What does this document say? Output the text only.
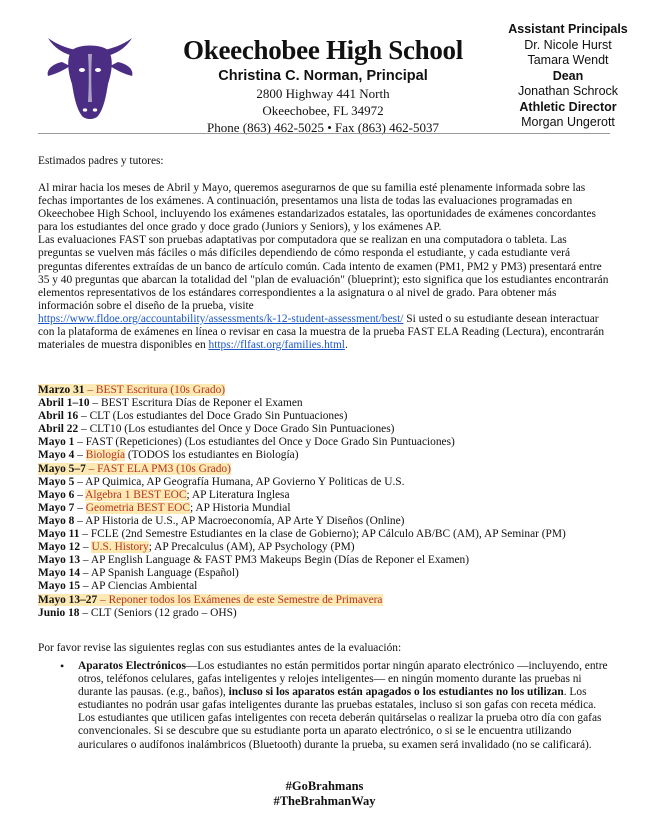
Okeechobee High School
Christina C. Norman, Principal
2800 Highway 441 North
Okeechobee, FL 34972
Phone (863) 462-5025 • Fax (863) 462-5037
Assistant Principals
Dr. Nicole Hurst
Tamara Wendt
Dean
Jonathan Schrock
Athletic Director
Morgan Ungerott

Estimados padres y tutores:

Al mirar hacia los meses de Abril y Mayo, queremos asegurarnos de que su familia esté plenamente informada sobre las fechas importantes de los exámenes. A continuación, presentamos una lista de todas las evaluaciones programadas en Okeechobee High School, incluyendo los exámenes estandarizados estatales, las oportunidades de exámenes concordantes para los estudiantes del once grado y doce grado (Juniors y Seniors), y los exámenes AP.
Las evaluaciones FAST son pruebas adaptativas por computadora que se realizan en una computadora o tableta. Las preguntas se vuelven más fáciles o más difíciles dependiendo de cómo responda el estudiante, y cada estudiante verá preguntas diferentes extraídas de un banco de artículo común. Cada intento de examen (PM1, PM2 y PM3) presentará entre 35 y 40 preguntas que abarcan la totalidad del "plan de evaluación" (blueprint); esto significa que los estudiantes encontrarán elementos representativos de los estándares correspondientes a la asignatura o al nivel de grado. Para obtener más información sobre el diseño de la prueba, visite
https://www.fldoe.org/accountability/assessments/k-12-student-assessment/best/ Si usted o su estudiante desean interactuar con la plataforma de exámenes en línea o revisar en casa la muestra de la prueba FAST ELA Reading (Lectura), encontrarán materiales de muestra disponibles en https://flfast.org/families.html.

Marzo 31 – BEST Escritura (10s Grado)
Abril 1–10 – BEST Escritura Días de Reponer el Examen
Abril 16 – CLT (Los estudiantes del Doce Grado Sin Puntuaciones)
Abril 22 – CLT10 (Los estudiantes del Once y Doce Grado Sin Puntuaciones)
Mayo 1 – FAST (Repeticiones) (Los estudiantes del Once y Doce Grado Sin Puntuaciones)
Mayo 4 – Biología (TODOS los estudiantes en Biología)
Mayo 5–7 – FAST ELA PM3 (10s Grado)
Mayo 5 – AP Quimica, AP Geografía Humana, AP Govierno Y Politicas de U.S.
Mayo 6 – Algebra 1 BEST EOC; AP Literatura Inglesa
Mayo 7 – Geometria BEST EOC; AP Historia Mundial
Mayo 8 – AP Historia de U.S., AP Macroeconomía, AP Arte Y Diseños (Online)
Mayo 11 – FCLE (2nd Semestre Estudiantes en la clase de Gobierno); AP Cálculo AB/BC (AM), AP Seminar (PM)
Mayo 12 – U.S. History; AP Precalculus (AM), AP Psychology (PM)
Mayo 13 – AP English Language & FAST PM3 Makeups Begin (Días de Reponer el Examen)
Mayo 14 – AP Spanish Language (Español)
Mayo 15 – AP Ciencias Ambiental
Mayo 13–27 – Reponer todos los Exámenes de este Semestre de Primavera
Junio 18 – CLT (Seniors (12 grado – OHS)

Por favor revise las siguientes reglas con sus estudiantes antes de la evaluación:

• Aparatos Electrónicos—Los estudiantes no están permitidos portar ningún aparato electrónico —incluyendo, entre otros, teléfonos celulares, gafas inteligentes y relojes inteligentes— en ningún momento durante las pruebas ni durante las pausas. (e.g., baños), incluso si los aparatos están apagados o los estudiantes no los utilizan. Los estudiantes no podrán usar gafas inteligentes durante las pruebas estatales, incluso si son gafas con receta médica. Los estudiantes que utilicen gafas inteligentes con receta deberán quitárselas o realizar la prueba otro día con gafas convencionales. Si se descubre que su estudiante porta un aparato electrónico, o si se le encuentra utilizando auriculares o audífonos inalámbricos (Bluetooth) durante la prueba, su examen será invalidado (no se calificará).

#GoBrahmans
#TheBrahmanWay
